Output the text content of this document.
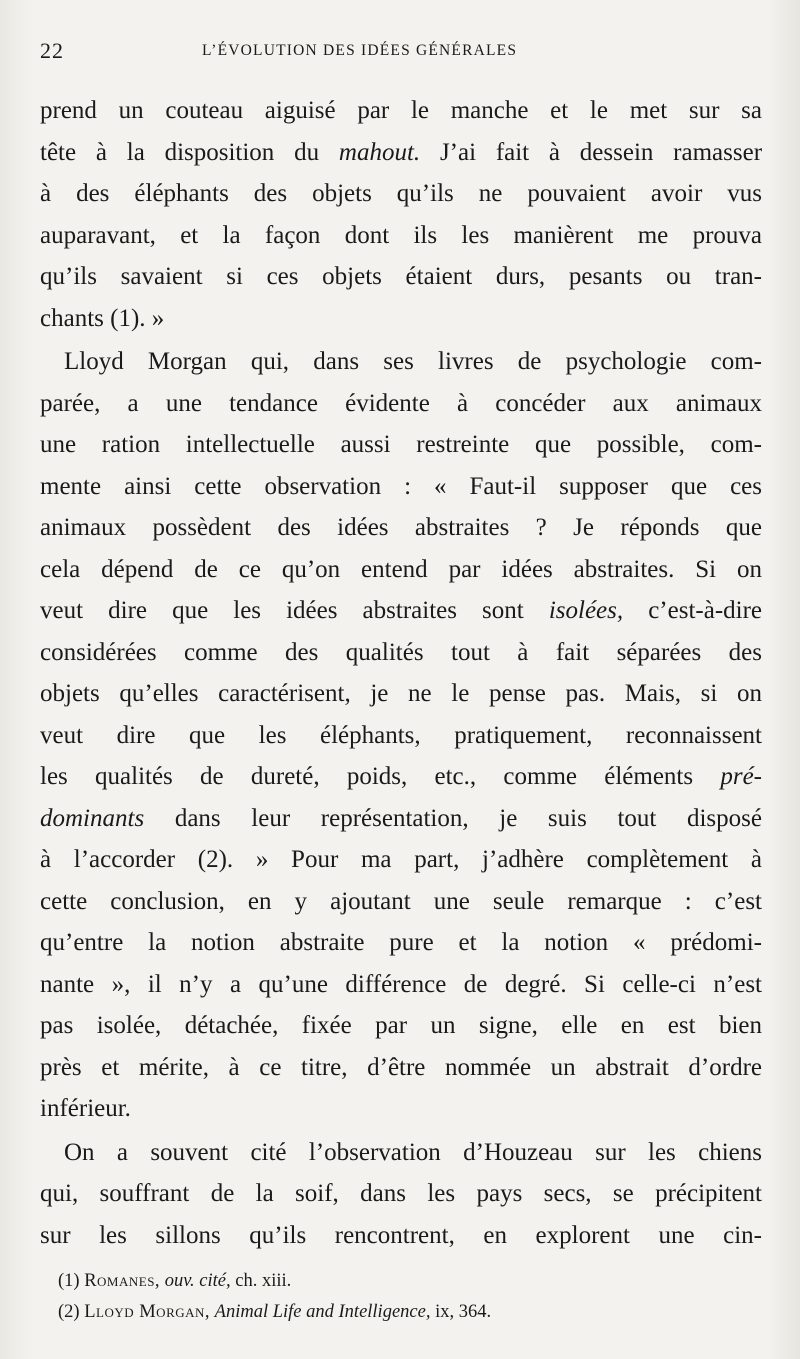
22	L’ÉVOLUTION DES IDÉES GÉNÉRALES
prend un couteau aiguisé par le manche et le met sur sa
tête à la disposition du mahout. J’ai fait à dessein ramasser
à des éléphants des objets qu’ils ne pouvaient avoir vus
auparavant, et la façon dont ils les manièrent me prouva
qu’ils savaient si ces objets étaient durs, pesants ou tran-
chants (1). »
Lloyd Morgan qui, dans ses livres de psychologie com-
parée, a une tendance évidente à concéder aux animaux
une ration intellectuelle aussi restreinte que possible, com-
mente ainsi cette observation : « Faut-il supposer que ces
animaux possèdent des idées abstraites ? Je réponds que
cela dépend de ce qu’on entend par idées abstraites. Si on
veut dire que les idées abstraites sont isolées, c’est-à-dire
considérées comme des qualités tout à fait séparées des
objets qu’elles caractérisent, je ne le pense pas. Mais, si on
veut dire que les éléphants, pratiquement, reconnaissent
les qualités de dureté, poids, etc., comme éléments pré-
dominants dans leur représentation, je suis tout disposé
à l’accorder (2). » Pour ma part, j’adhère complètement à
cette conclusion, en y ajoutant une seule remarque : c’est
qu’entre la notion abstraite pure et la notion « prédomi-
nante », il n’y a qu’une différence de degré. Si celle-ci n’est
pas isolée, détachée, fixée par un signe, elle en est bien
près et mérite, à ce titre, d’être nommée un abstrait d’ordre
inférieur.
On a souvent cité l’observation d’Houzeau sur les chiens
qui, souffrant de la soif, dans les pays secs, se précipitent
sur les sillons qu’ils rencontrent, en explorent une cin-
(1) Romanes, ouv. cité, ch. xiii.
(2) Lloyd Morgan, Animal Life and Intelligence, ix, 364.
